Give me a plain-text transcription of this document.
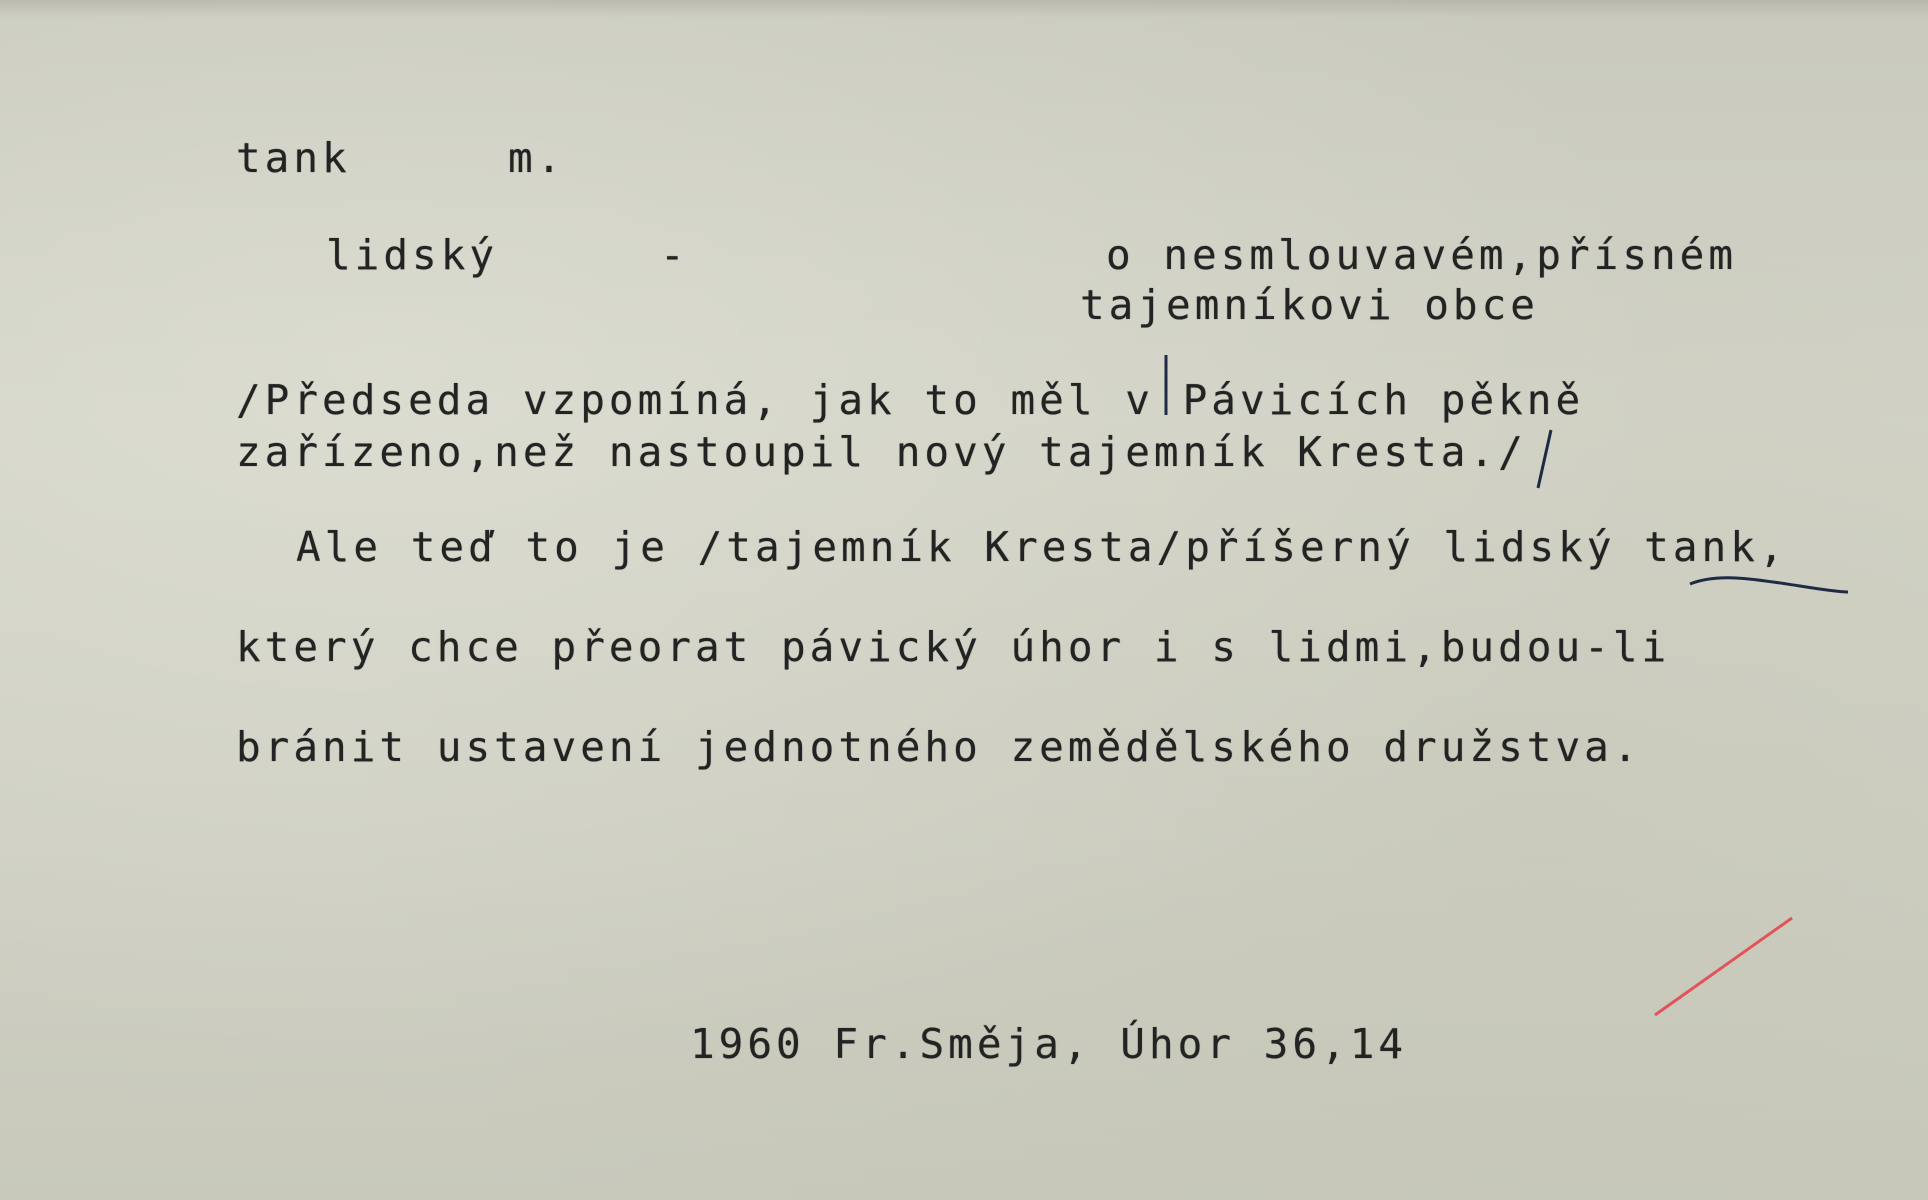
tank	m.
lidský	-	o nesmlouvavém,přísném
tajemníkovi obce
/Předseda vzpomíná, jak to měl v Pávicích pěkně
zařízeno,než nastoupil nový tajemník Kresta./
Ale teď to je /tajemník Kresta/příšerný lidský tank,
který chce přeorat pávický úhor i s lidmi,budou-li
bránit ustavení jednotného zemědělského družstva.
1960 Fr.Směja, Úhor 36,14
